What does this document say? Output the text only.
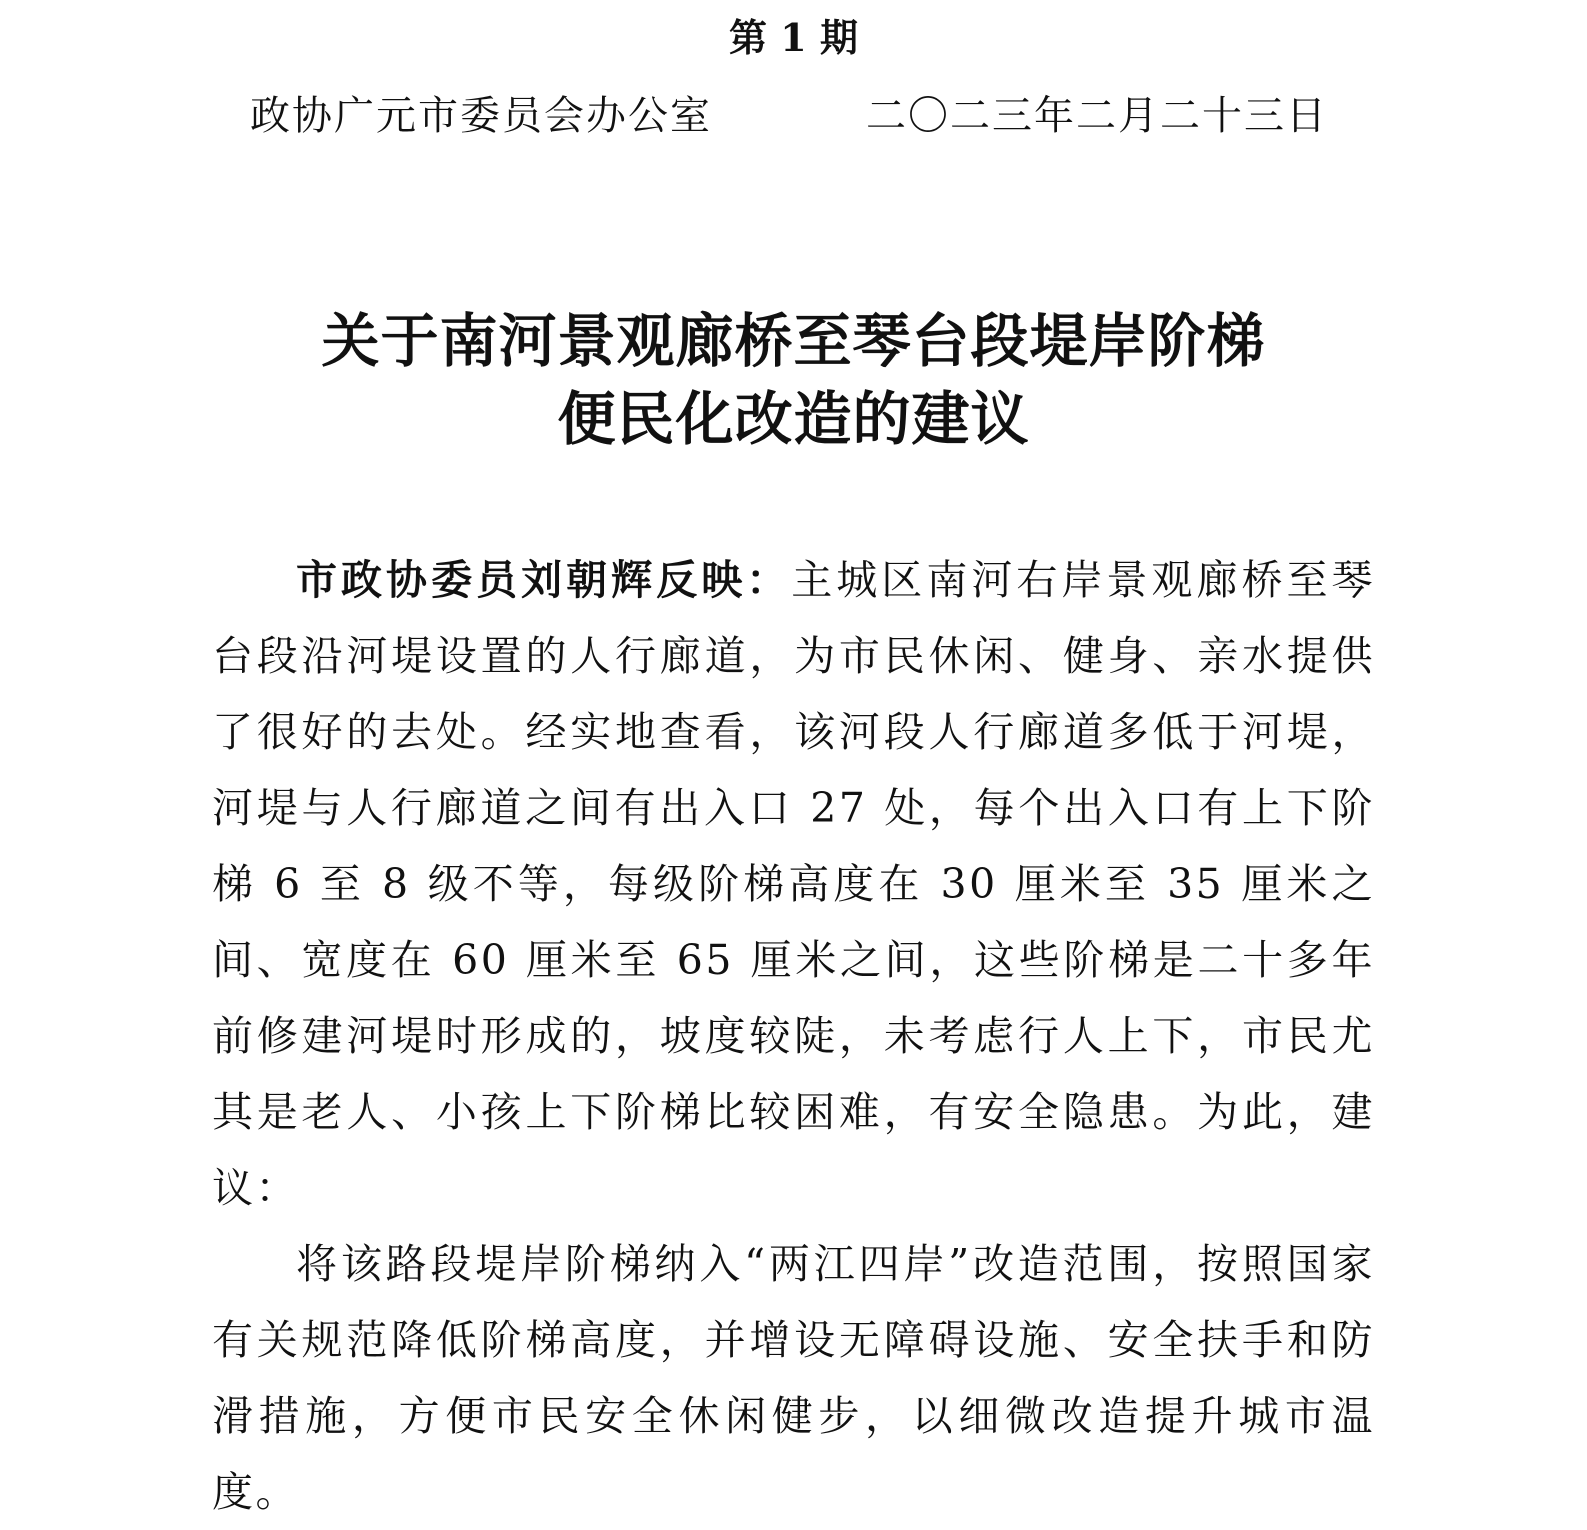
第 1 期
政协广元市委员会办公室	二〇二三年二月二十三日
关于南河景观廊桥至琴台段堤岸阶梯
便民化改造的建议

市政协委员刘朝辉反映：主城区南河右岸景观廊桥至琴台段沿河堤设置的人行廊道，为市民休闲、健身、亲水提供了很好的去处。经实地查看，该河段人行廊道多低于河堤，河堤与人行廊道之间有出入口 27 处，每个出入口有上下阶梯 6 至 8 级不等，每级阶梯高度在 30 厘米至 35 厘米之间、宽度在 60 厘米至 65 厘米之间，这些阶梯是二十多年前修建河堤时形成的，坡度较陡，未考虑行人上下，市民尤其是老人、小孩上下阶梯比较困难，有安全隐患。为此，建议：

将该路段堤岸阶梯纳入“两江四岸”改造范围，按照国家有关规范降低阶梯高度，并增设无障碍设施、安全扶手和防滑措施，方便市民安全休闲健步，以细微改造提升城市温度。
